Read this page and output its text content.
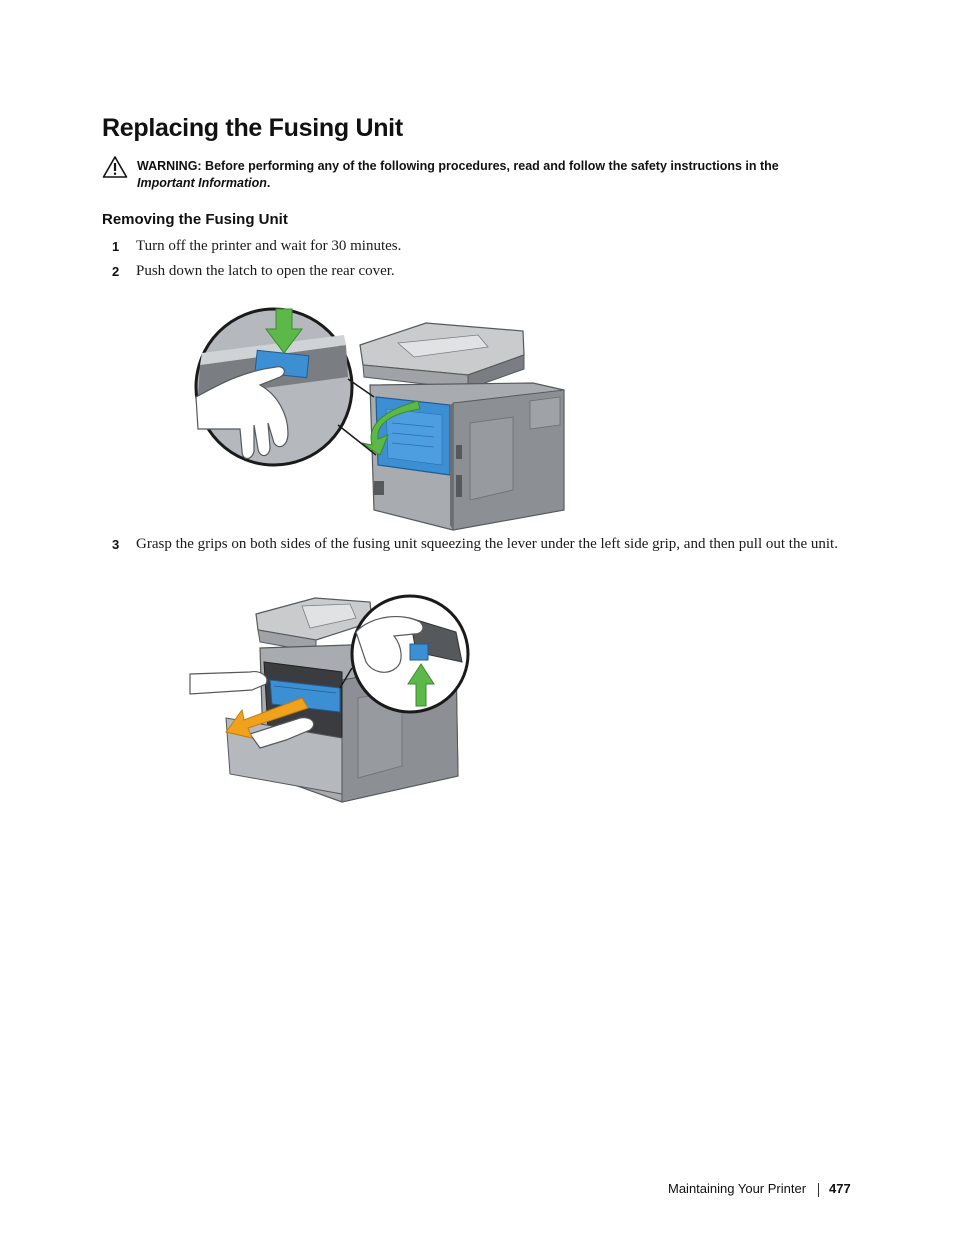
Replacing the Fusing Unit
WARNING: Before performing any of the following procedures, read and follow the safety instructions in the Important Information.
Removing the Fusing Unit
1 Turn off the printer and wait for 30 minutes.
2 Push down the latch to open the rear cover.
3 Grasp the grips on both sides of the fusing unit squeezing the lever under the left side grip, and then pull out the unit.
Maintaining Your Printer 477
